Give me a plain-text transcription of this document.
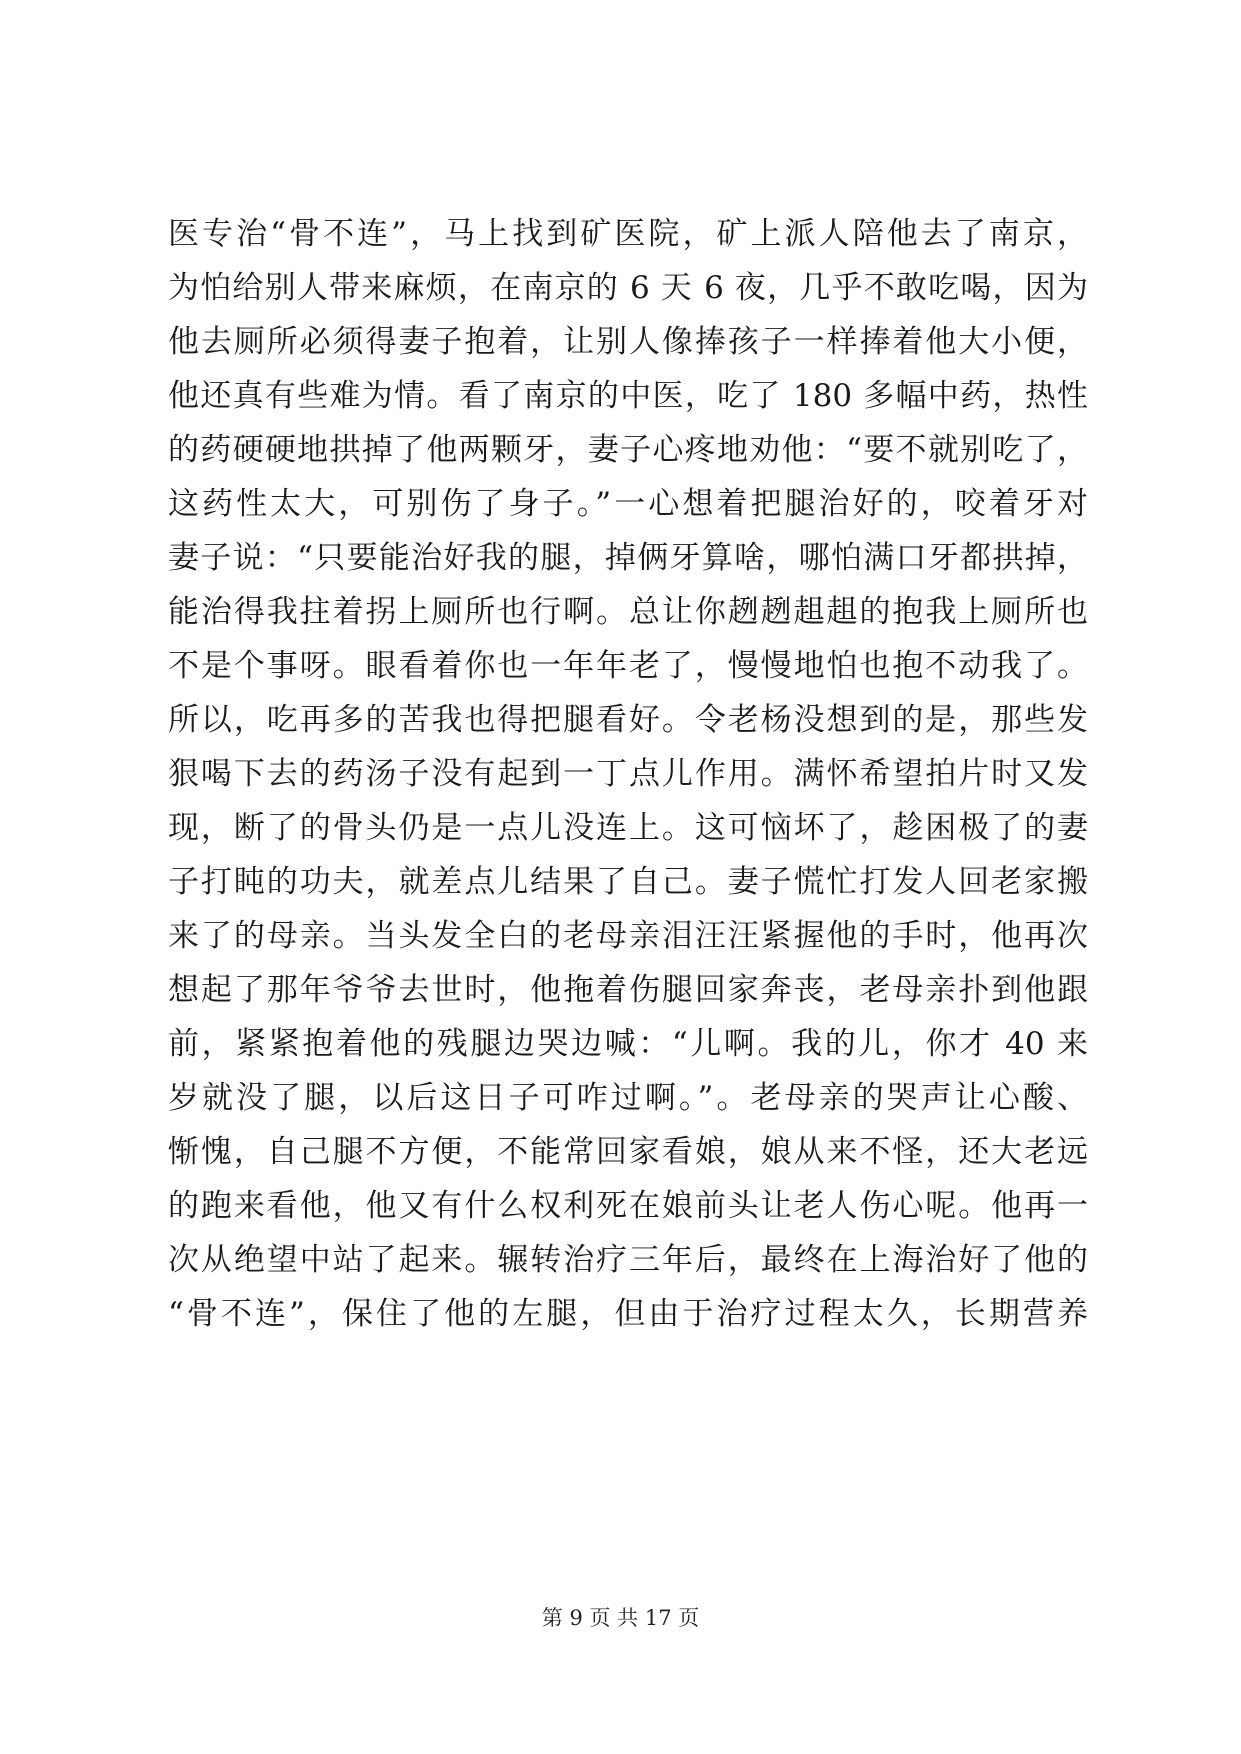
医专治“骨不连”，马上找到矿医院，矿上派人陪他去了南京，
为怕给别人带来麻烦，在南京的 6 天 6 夜，几乎不敢吃喝，因为
他去厕所必须得妻子抱着，让别人像捧孩子一样捧着他大小便，
他还真有些难为情。看了南京的中医，吃了 180 多幅中药，热性
的药硬硬地拱掉了他两颗牙，妻子心疼地劝他：“要不就别吃了，
这药性太大，可别伤了身子。”一心想着把腿治好的，咬着牙对
妻子说：“只要能治好我的腿，掉俩牙算啥，哪怕满口牙都拱掉，
能治得我拄着拐上厕所也行啊。总让你趔趔趄趄的抱我上厕所也
不是个事呀。眼看着你也一年年老了，慢慢地怕也抱不动我了。
所以，吃再多的苦我也得把腿看好。令老杨没想到的是，那些发
狠喝下去的药汤子没有起到一丁点儿作用。满怀希望拍片时又发
现，断了的骨头仍是一点儿没连上。这可恼坏了，趁困极了的妻
子打盹的功夫，就差点儿结果了自己。妻子慌忙打发人回老家搬
来了的母亲。当头发全白的老母亲泪汪汪紧握他的手时，他再次
想起了那年爷爷去世时，他拖着伤腿回家奔丧，老母亲扑到他跟
前，紧紧抱着他的残腿边哭边喊：“儿啊。我的儿，你才 40 来
岁就没了腿，以后这日子可咋过啊。”。老母亲的哭声让心酸、
惭愧，自己腿不方便，不能常回家看娘，娘从来不怪，还大老远
的跑来看他，他又有什么权利死在娘前头让老人伤心呢。他再一
次从绝望中站了起来。辗转治疗三年后，最终在上海治好了他的
“骨不连”，保住了他的左腿，但由于治疗过程太久，长期营养
第 9 页 共 17 页
